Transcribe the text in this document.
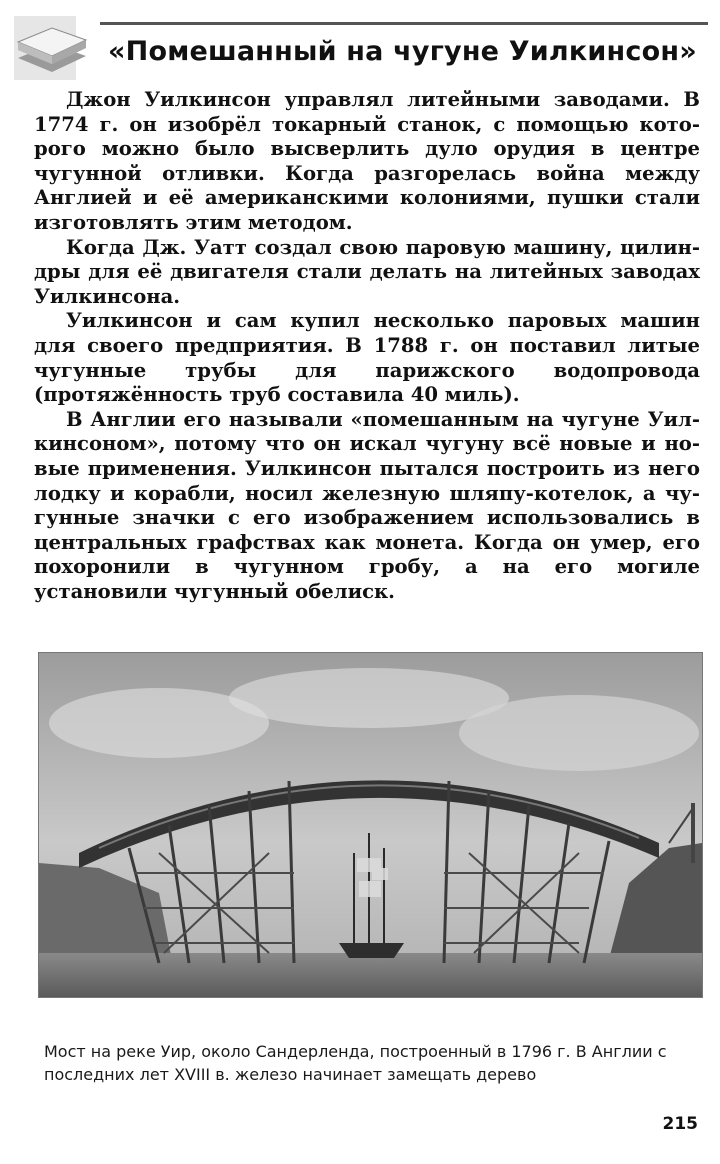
«Помешанный на чугуне Уилкинсон»

Джон Уилкинсон управлял литейными заводами. В 1774 г. он изобрёл токарный станок, с помощью которого можно было высверлить дуло орудия в центре чугунной отливки. Когда разгорелась война между Англией и её американскими колониями, пушки стали изготовлять этим методом.

Когда Дж. Уатт создал свою паровую машину, цилиндры для её двигателя стали делать на литейных заводах Уилкинсона.

Уилкинсон и сам купил несколько паровых машин для своего предприятия. В 1788 г. он поставил литые чугунные трубы для парижского водопровода (протяжённость труб составила 40 миль).

В Англии его называли «помешанным на чугуне Уилкинсоном», потому что он искал чугуну всё новые и новые применения. Уилкинсон пытался построить из него лодку и корабли, носил железную шляпу-котелок, а чугунные значки с его изображением использовались в центральных графствах как монета. Когда он умер, его похоронили в чугунном гробу, а на его могиле установили чугунный обелиск.

Мост на реке Уир, около Сандерленда, построенный в 1796 г. В Англии с последних лет XVIII в. железо начинает замещать дерево
215
